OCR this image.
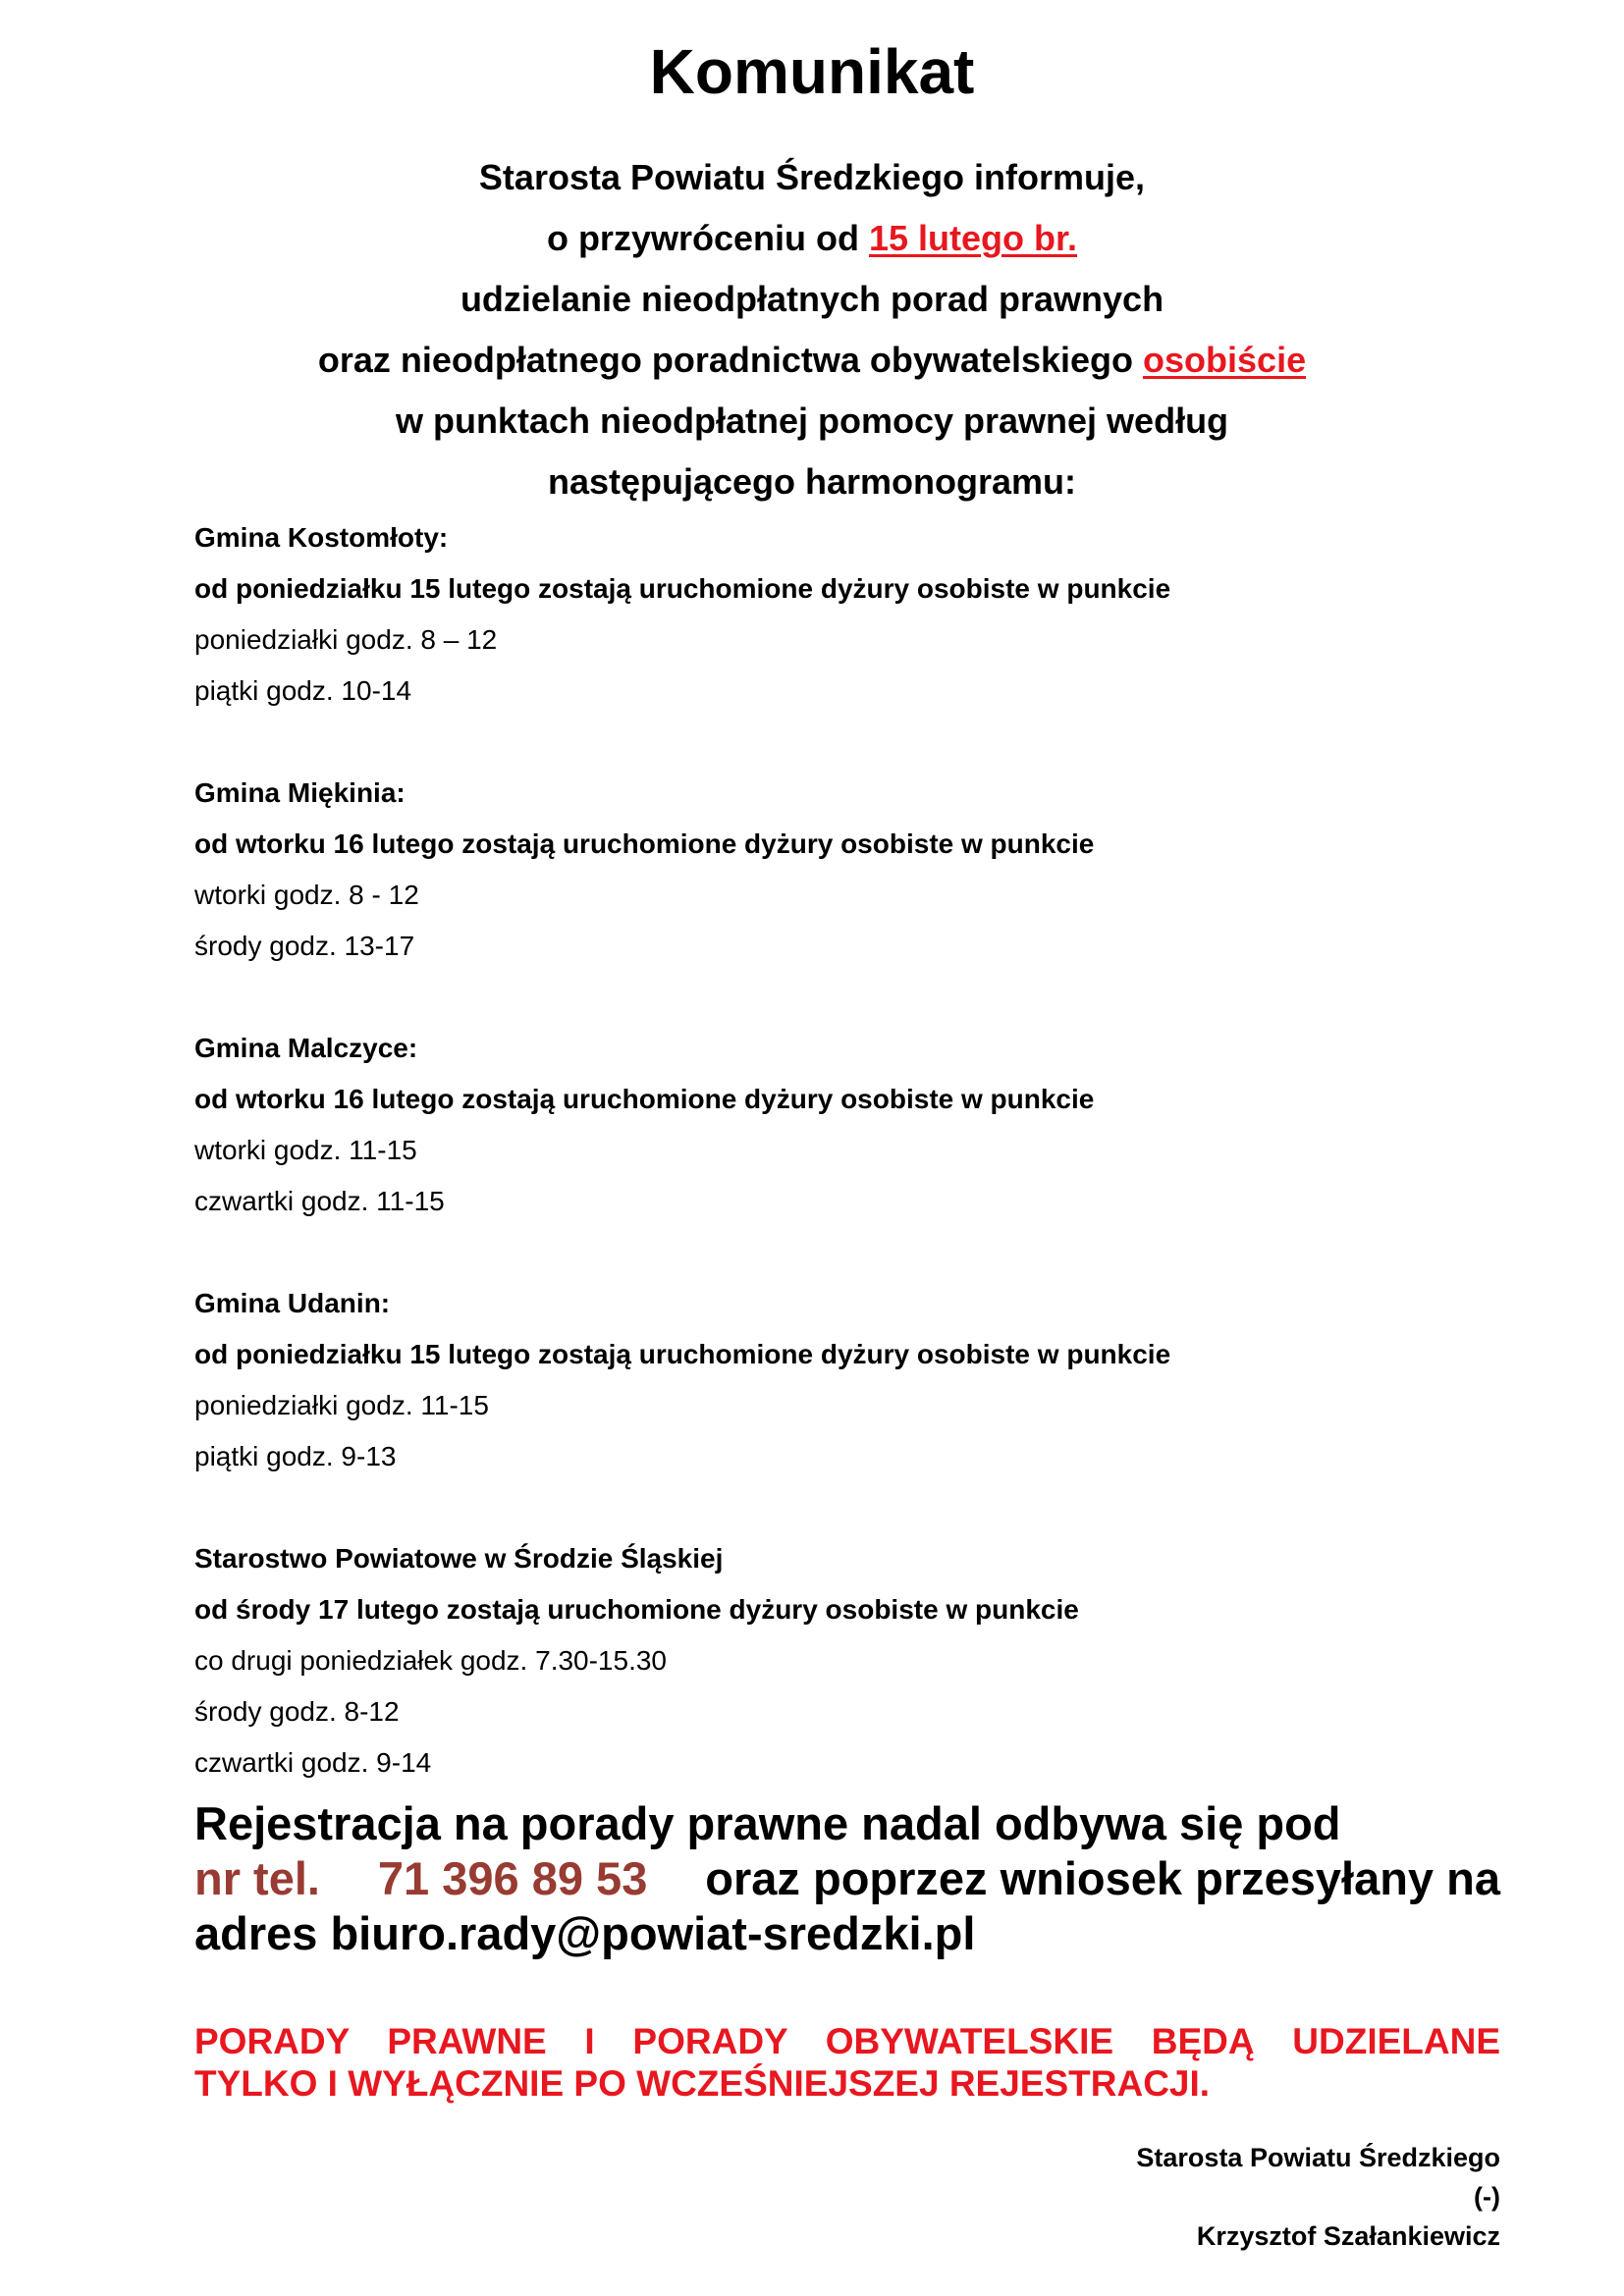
Komunikat
Starosta Powiatu Średzkiego informuje,
o przywróceniu od 15 lutego br.
udzielanie nieodpłatnych porad prawnych
oraz nieodpłatnego poradnictwa obywatelskiego osobiście
w punktach nieodpłatnej pomocy prawnej według
następującego harmonogramu:
Gmina Kostomłoty:
od poniedziałku 15 lutego zostają uruchomione dyżury osobiste w punkcie
poniedziałki godz. 8 – 12
piątki godz. 10-14
Gmina Miękinia:
od wtorku 16 lutego zostają uruchomione dyżury osobiste w punkcie
wtorki godz. 8 - 12
środy godz. 13-17
Gmina Malczyce:
od wtorku 16 lutego zostają uruchomione dyżury osobiste w punkcie
wtorki godz. 11-15
czwartki godz. 11-15
Gmina Udanin:
od poniedziałku 15 lutego zostają uruchomione dyżury osobiste w punkcie
poniedziałki godz. 11-15
piątki godz. 9-13
Starostwo Powiatowe w Środzie Śląskiej
od środy 17 lutego zostają uruchomione dyżury osobiste w punkcie
co drugi poniedziałek godz. 7.30-15.30
środy godz. 8-12
czwartki godz. 9-14
Rejestracja na porady prawne nadal odbywa się pod
nr tel. 71 396 89 53 oraz poprzez wniosek przesyłany na
adres biuro.rady@powiat-sredzki.pl
PORADY PRAWNE I PORADY OBYWATELSKIE BĘDĄ UDZIELANE
TYLKO I WYŁĄCZNIE PO WCZEŚNIEJSZEJ REJESTRACJI.
Starosta Powiatu Średzkiego
(-)
Krzysztof Szałankiewicz
